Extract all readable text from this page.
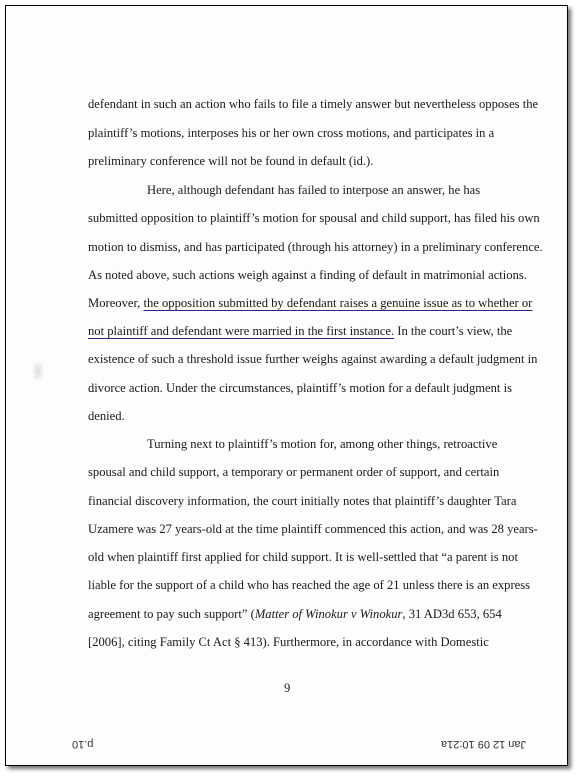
defendant in such an action who fails to file a timely answer but nevertheless opposes the
plaintiff’s motions, interposes his or her own cross motions, and participates in a
preliminary conference will not be found in default (id.).
Here, although defendant has failed to interpose an answer, he has
submitted opposition to plaintiff’s motion for spousal and child support, has filed his own
motion to dismiss, and has participated (through his attorney) in a preliminary conference.
As noted above, such actions weigh against a finding of default in matrimonial actions.
Moreover, the opposition submitted by defendant raises a genuine issue as to whether or
not plaintiff and defendant were married in the first instance. In the court’s view, the
existence of such a threshold issue further weighs against awarding a default judgment in
divorce action. Under the circumstances, plaintiff’s motion for a default judgment is
denied.
Turning next to plaintiff’s motion for, among other things, retroactive
spousal and child support, a temporary or permanent order of support, and certain
financial discovery information, the court initially notes that plaintiff’s daughter Tara
Uzamere was 27 years-old at the time plaintiff commenced this action, and was 28 years-
old when plaintiff first applied for child support. It is well-settled that “a parent is not
liable for the support of a child who has reached the age of 21 unless there is an express
agreement to pay such support” (Matter of Winokur v Winokur, 31 AD3d 653, 654
[2006], citing Family Ct Act § 413). Furthermore, in accordance with Domestic
9
p.10	Jan 12 09 10:21a
